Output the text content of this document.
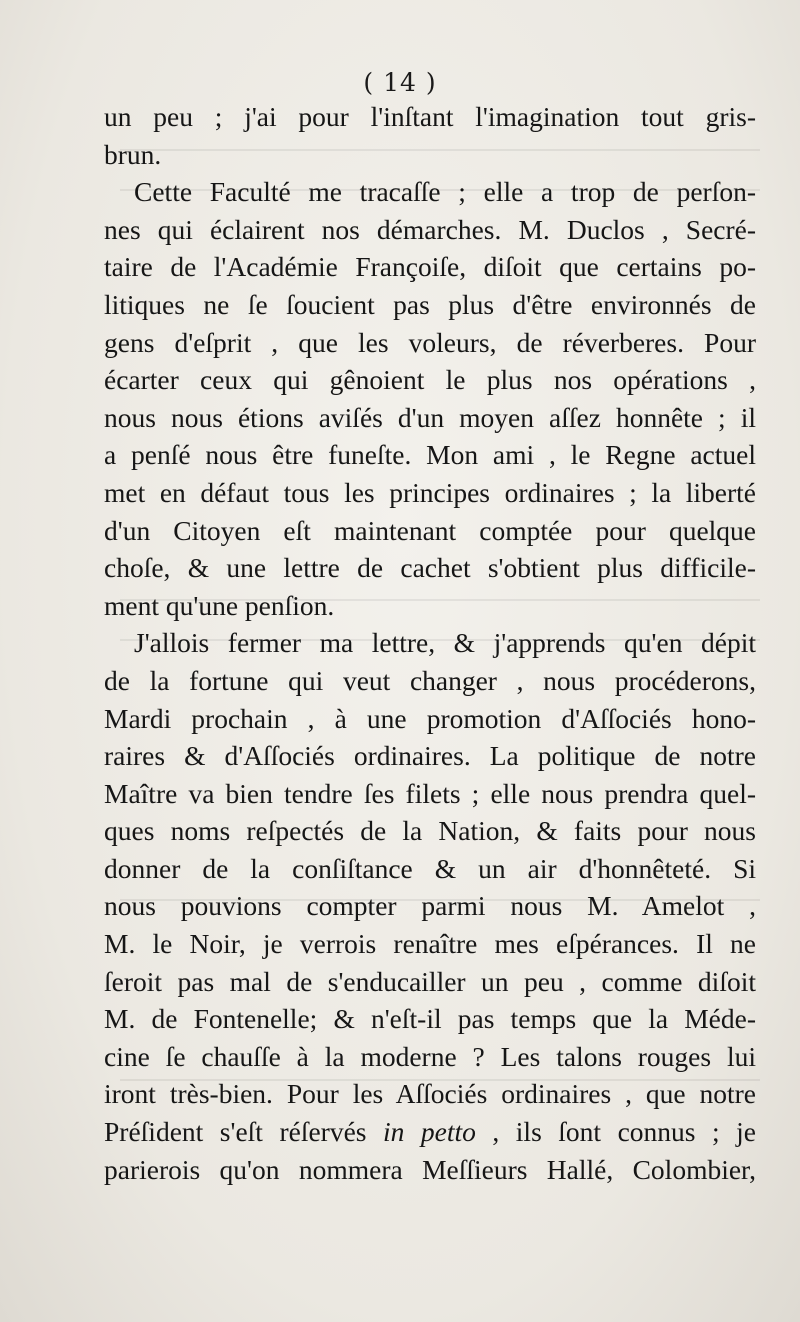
( 14 )
un peu ; j'ai pour l'inſtant l'imagination tout gris-
brun.
Cette Faculté me tracaſſe ; elle a trop de perſon-
nes qui éclairent nos démarches. M. Duclos , Secré-
taire de l'Académie Françoiſe, diſoit que certains po-
litiques ne ſe ſoucient pas plus d'être environnés de
gens d'eſprit , que les voleurs, de réverberes. Pour
écarter ceux qui gênoient le plus nos opérations ,
nous nous étions aviſés d'un moyen aſſez honnête ; il
a penſé nous être funeſte. Mon ami , le Regne actuel
met en défaut tous les principes ordinaires ; la liberté
d'un Citoyen eſt maintenant comptée pour quelque
choſe, & une lettre de cachet s'obtient plus difficile-
ment qu'une penſion.
J'allois fermer ma lettre, & j'apprends qu'en dépit
de la fortune qui veut changer , nous procéderons,
Mardi prochain , à une promotion d'Aſſociés hono-
raires & d'Aſſociés ordinaires. La politique de notre
Maître va bien tendre ſes filets ; elle nous prendra quel-
ques noms reſpectés de la Nation, & faits pour nous
donner de la conſiſtance & un air d'honnêteté. Si
nous pouvions compter parmi nous M. Amelot ,
M. le Noir, je verrois renaître mes eſpérances. Il ne
ſeroit pas mal de s'enducailler un peu , comme diſoit
M. de Fontenelle; & n'eſt-il pas temps que la Méde-
cine ſe chauſſe à la moderne ? Les talons rouges lui
iront très-bien. Pour les Aſſociés ordinaires , que notre
Préſident s'eſt réſervés in petto , ils ſont connus ; je
parierois qu'on nommera Meſſieurs Hallé, Colombier,
